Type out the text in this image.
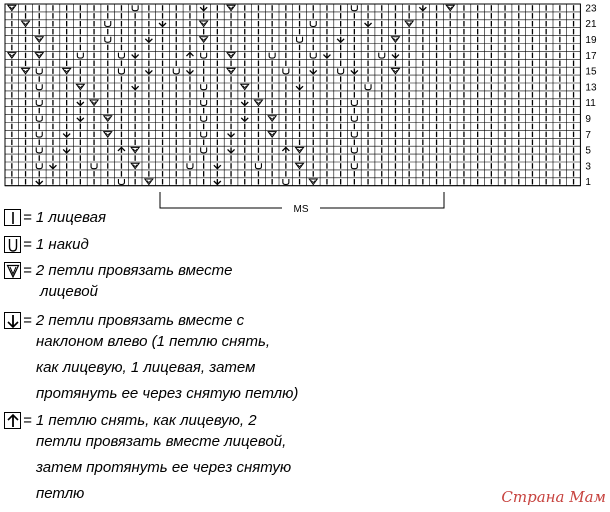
23
21
19
17
15
13
11
9
7
5
3
1
MS
= 1 лицевая
= 1 накид
= 2 петли провязать вместе
лицевой
= 2 петли провязать вместе с
наклоном влево (1 петлю снять,
как лицевую, 1 лицевая, затем
протянуть ее через снятую петлю)
= 1 петлю снять, как лицевую, 2
петли провязать вместе лицевой,
затем протянуть ее через снятую
петлю	Страна Мам
